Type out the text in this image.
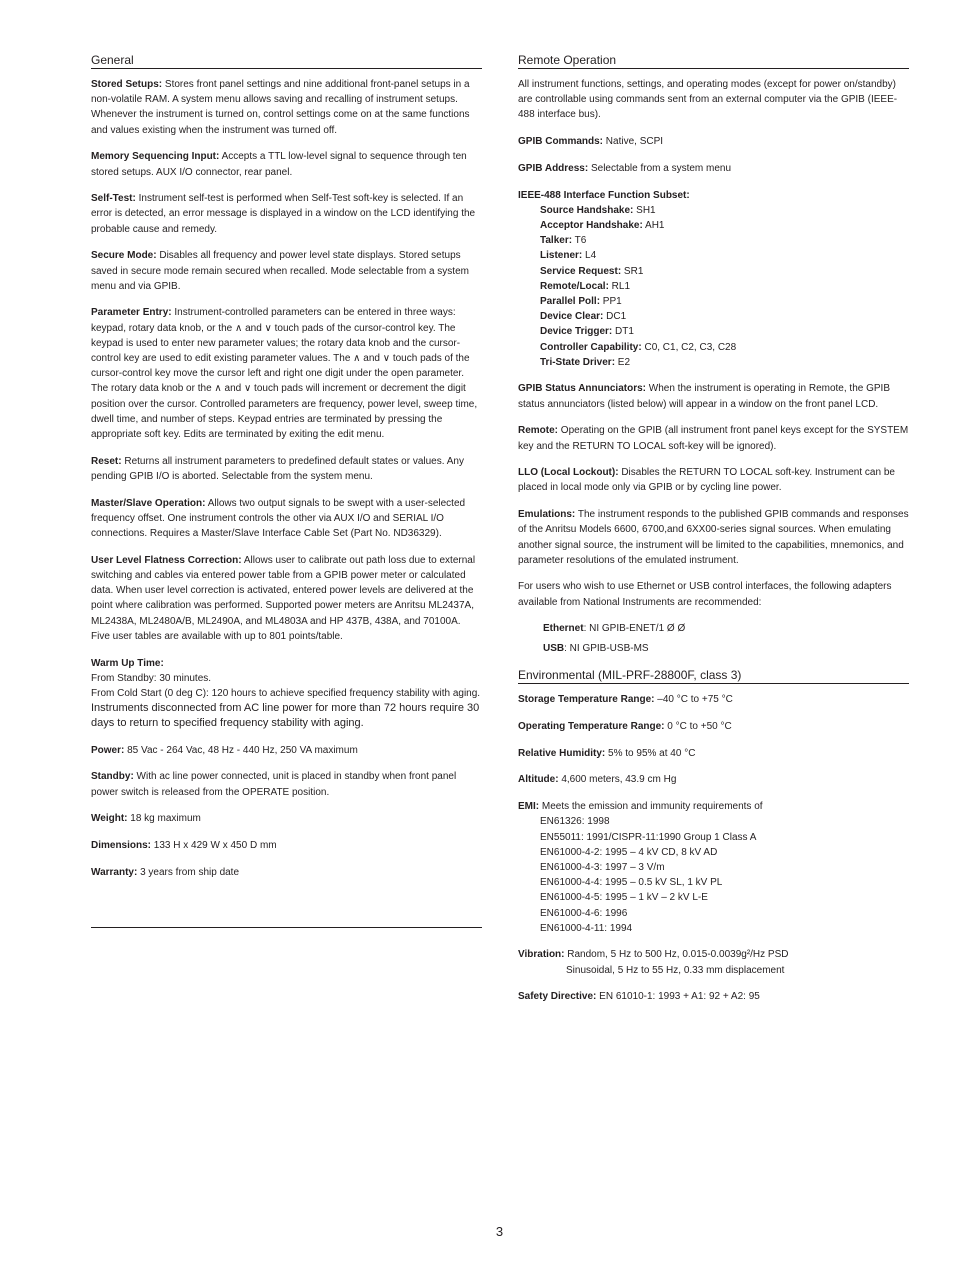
General

Stored Setups: Stores front panel settings and nine additional front-panel setups in a non-volatile RAM. A system menu allows saving and recalling of instrument setups. Whenever the instrument is turned on, control settings come on at the same functions and values existing when the instrument was turned off.

Memory Sequencing Input: Accepts a TTL low-level signal to sequence through ten stored setups. AUX I/O connector, rear panel.

Self-Test: Instrument self-test is performed when Self-Test soft-key is selected. If an error is detected, an error message is displayed in a window on the LCD identifying the probable cause and remedy.

Secure Mode: Disables all frequency and power level state displays. Stored setups saved in secure mode remain secured when recalled. Mode selectable from a system menu and via GPIB.

Parameter Entry: Instrument-controlled parameters can be entered in three ways: keypad, rotary data knob, or the ∧ and ∨ touch pads of the cursor-control key. The keypad is used to enter new parameter values; the rotary data knob and the cursor-control key are used to edit existing parameter values. The ∧ and ∨ touch pads of the cursor-control key move the cursor left and right one digit under the open parameter. The rotary data knob or the ∧ and ∨ touch pads will increment or decrement the digit position over the cursor. Controlled parameters are frequency, power level, sweep time, dwell time, and number of steps. Keypad entries are terminated by pressing the appropriate soft key. Edits are terminated by exiting the edit menu.

Reset: Returns all instrument parameters to predefined default states or values. Any pending GPIB I/O is aborted. Selectable from the system menu.

Master/Slave Operation: Allows two output signals to be swept with a user-selected frequency offset. One instrument controls the other via AUX I/O and SERIAL I/O connections. Requires a Master/Slave Interface Cable Set (Part No. ND36329).

User Level Flatness Correction: Allows user to calibrate out path loss due to external switching and cables via entered power table from a GPIB power meter or calculated data. When user level correction is activated, entered power levels are delivered at the point where calibration was performed. Supported power meters are Anritsu ML2437A, ML2438A, ML2480A/B, ML2490A, and ML4803A and HP 437B, 438A, and 70100A. Five user tables are available with up to 801 points/table.

Warm Up Time:
From Standby: 30 minutes.
From Cold Start (0 deg C): 120 hours to achieve specified frequency stability with aging.
Instruments disconnected from AC line power for more than 72 hours require 30 days to return to specified frequency stability with aging.

Power: 85 Vac - 264 Vac, 48 Hz - 440 Hz, 250 VA maximum

Standby: With ac line power connected, unit is placed in standby when front panel power switch is released from the OPERATE position.

Weight: 18 kg maximum

Dimensions: 133 H x 429 W x 450 D mm

Warranty: 3 years from ship date

Remote Operation

All instrument functions, settings, and operating modes (except for power on/standby) are controllable using commands sent from an external computer via the GPIB (IEEE-488 interface bus).

GPIB Commands: Native, SCPI

GPIB Address: Selectable from a system menu

IEEE-488 Interface Function Subset:
Source Handshake: SH1
Acceptor Handshake: AH1
Talker: T6
Listener: L4
Service Request: SR1
Remote/Local: RL1
Parallel Poll: PP1
Device Clear: DC1
Device Trigger: DT1
Controller Capability: C0, C1, C2, C3, C28
Tri-State Driver: E2

GPIB Status Annunciators: When the instrument is operating in Remote, the GPIB status annunciators (listed below) will appear in a window on the front panel LCD.

Remote: Operating on the GPIB (all instrument front panel keys except for the SYSTEM key and the RETURN TO LOCAL soft-key will be ignored).

LLO (Local Lockout): Disables the RETURN TO LOCAL soft-key. Instrument can be placed in local mode only via GPIB or by cycling line power.

Emulations: The instrument responds to the published GPIB commands and responses of the Anritsu Models 6600, 6700,and 6XX00-series signal sources. When emulating another signal source, the instrument will be limited to the capabilities, mnemonics, and parameter resolutions of the emulated instrument.

For users who wish to use Ethernet or USB control interfaces, the following adapters available from National Instruments are recommended:

Ethernet: NI GPIB-ENET/1 Ø Ø
USB: NI GPIB-USB-MS
Environmental (MIL-PRF-28800F, class 3)

Storage Temperature Range: –40 °C to +75 °C

Operating Temperature Range: 0 °C to +50 °C

Relative Humidity: 5% to 95% at 40 °C

Altitude: 4,600 meters, 43.9 cm Hg

EMI: Meets the emission and immunity requirements of
EN61326: 1998
EN55011: 1991/CISPR-11:1990 Group 1 Class A
EN61000-4-2: 1995 – 4 kV CD, 8 kV AD
EN61000-4-3: 1997 – 3 V/m
EN61000-4-4: 1995 – 0.5 kV SL, 1 kV PL
EN61000-4-5: 1995 – 1 kV – 2 kV L-E
EN61000-4-6: 1996
EN61000-4-11: 1994
Vibration: Random, 5 Hz to 500 Hz, 0.015-0.0039g²/Hz PSD
Sinusoidal, 5 Hz to 55 Hz, 0.33 mm displacement

Safety Directive: EN 61010-1: 1993 + A1: 92 + A2: 95

3
